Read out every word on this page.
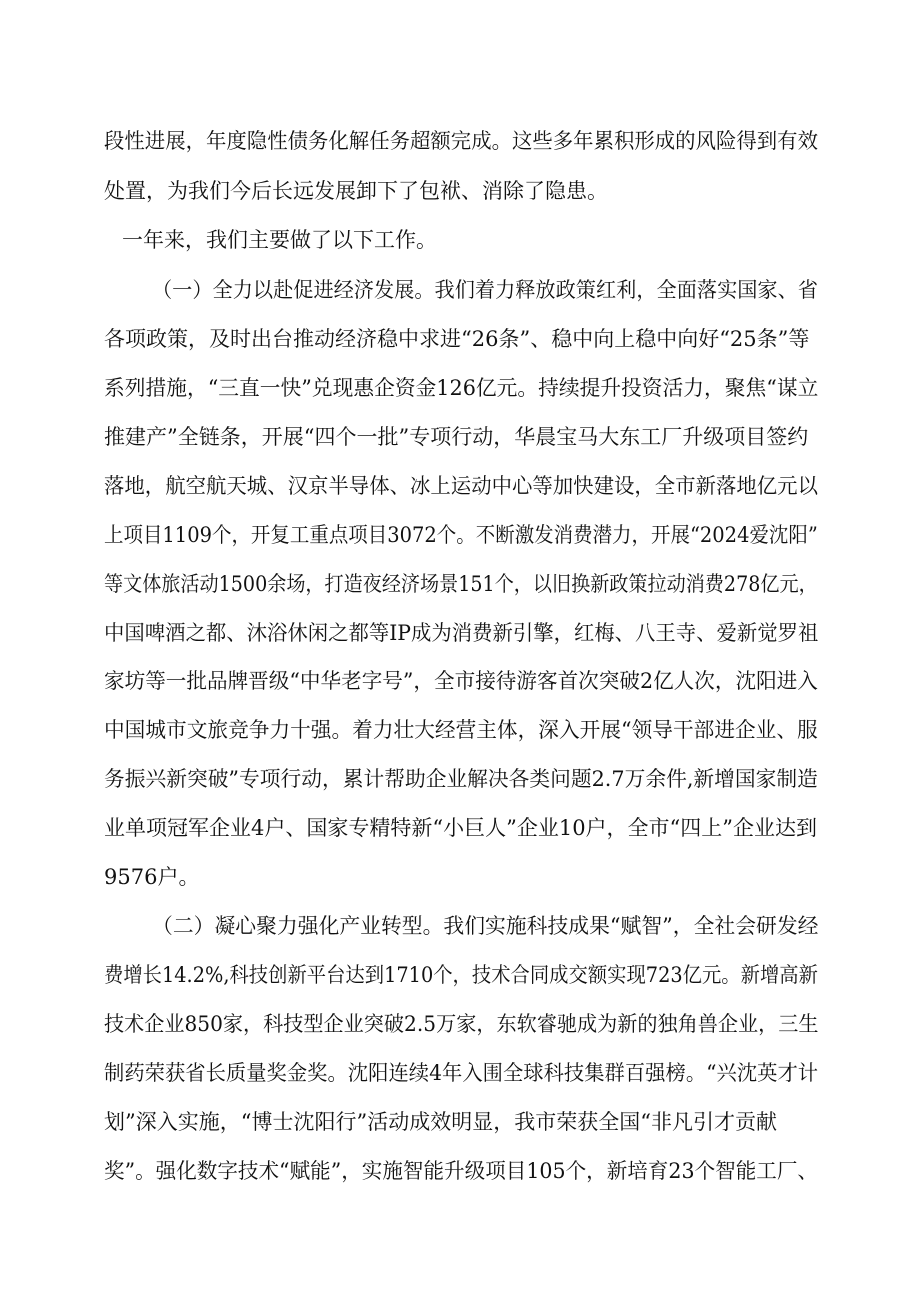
段性进展，年度隐性债务化解任务超额完成。这些多年累积形成的风险得到有效
处置，为我们今后长远发展卸下了包袱、消除了隐患。
一年来，我们主要做了以下工作。
（一）全力以赴促进经济发展。我们着力释放政策红利，全面落实国家、省
各项政策，及时出台推动经济稳中求进“26条”、稳中向上稳中向好“25条”等
系列措施，“三直一快”兑现惠企资金126亿元。持续提升投资活力，聚焦“谋立
推建产”全链条，开展“四个一批”专项行动，华晨宝马大东工厂升级项目签约
落地，航空航天城、汉京半导体、冰上运动中心等加快建设，全市新落地亿元以
上项目1109个，开复工重点项目3072个。不断激发消费潜力，开展“2024爱沈阳”
等文体旅活动1500余场，打造夜经济场景151个，以旧换新政策拉动消费278亿元，
中国啤酒之都、沐浴休闲之都等IP成为消费新引擎，红梅、八王寺、爱新觉罗祖
家坊等一批品牌晋级“中华老字号”，全市接待游客首次突破2亿人次，沈阳进入
中国城市文旅竞争力十强。着力壮大经营主体，深入开展“领导干部进企业、服
务振兴新突破”专项行动，累计帮助企业解决各类问题2.7万余件,新增国家制造
业单项冠军企业4户、国家专精特新“小巨人”企业10户，全市“四上”企业达到
9576户。
（二）凝心聚力强化产业转型。我们实施科技成果“赋智”，全社会研发经
费增长14.2%,科技创新平台达到1710个，技术合同成交额实现723亿元。新增高新
技术企业850家，科技型企业突破2.5万家，东软睿驰成为新的独角兽企业，三生
制药荣获省长质量奖金奖。沈阳连续4年入围全球科技集群百强榜。“兴沈英才计
划”深入实施，“博士沈阳行”活动成效明显，我市荣获全国“非凡引才贡献
奖”。强化数字技术“赋能”，实施智能升级项目105个，新培育23个智能工厂、
